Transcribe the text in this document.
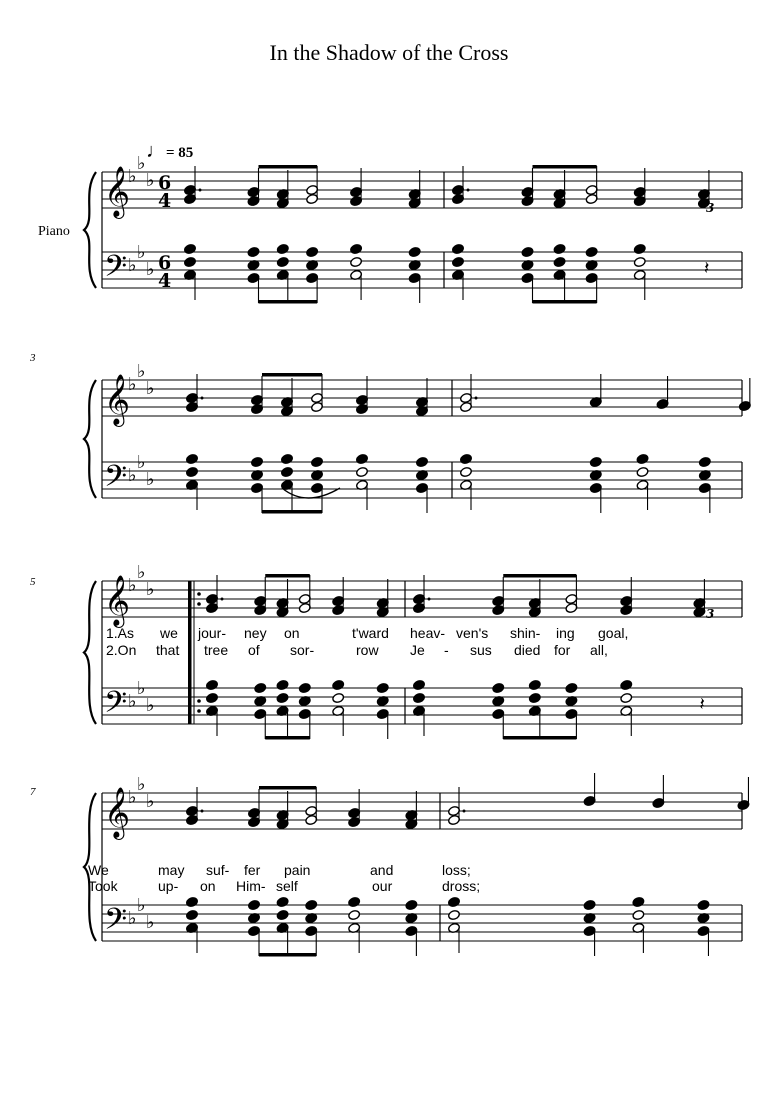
In the Shadow of the Cross
Piano
♩= 85
3
5
7
1.As we jour- ney on	t'ward heav- ven's shin- ing goal,
2.On that tree of sor-	row Je - sus died for all,
We	may suf- fer pain	and	loss;
Took	up- on Him- self	our	dross;
𝄞
𝄢
♭
♭
♭
♭
♭
♭
6
4
6
4
𝄽
𝄞
𝄢
♭
♭
♭
♭
♭
♭
𝄞
𝄢
♭
♭
♭
♭
♭
♭	𝄽
𝄞
𝄢
♭
♭
♭
♭
♭
♭
3
3
